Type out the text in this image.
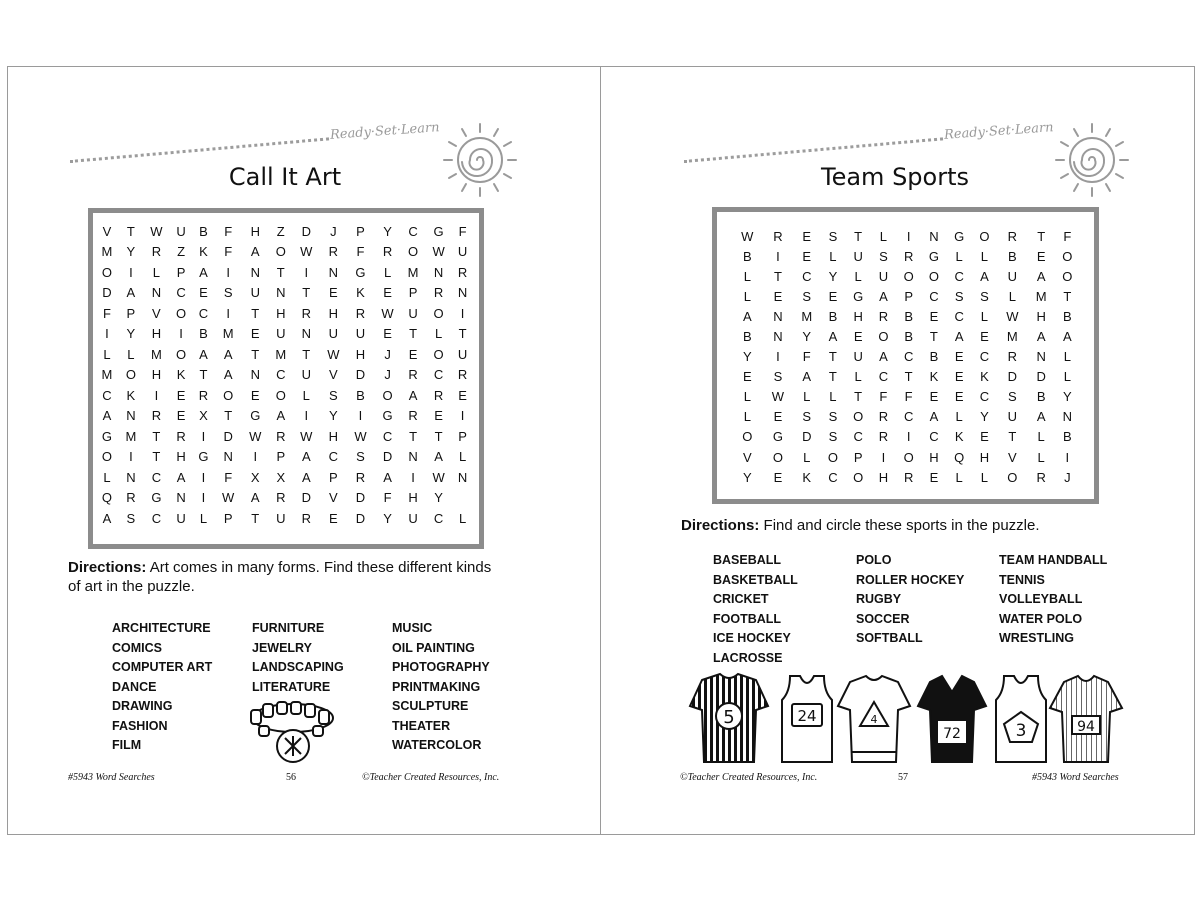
Ready·Set·Learn
Call It Art
V	T	W	U	B	F	H	Z	D	J	P	Y	C	G	F
M	Y	R	Z	K	F	A	O	W	R	F	R	O	W	U
O	I	L	P	A	I	N	T	I	N	G	L	M	N	R
D	A	N	C	E	S	U	N	T	E	K	E	P	R	N
F	P	V	O	C	I	T	H	R	H	R	W	U	O	I
I	Y	H	I	B	M	E	U	N	U	U	E	T	L	T
L	L	M	O	A	A	T	M	T	W	H	J	E	O	U
M	O	H	K	T	A	N	C	U	V	D	J	R	C	R
C	K	I	E	R	O	E	O	L	S	B	O	A	R	E
A	N	R	E	X	T	G	A	I	Y	I	G	R	E	I
G	M	T	R	I	D	W	R	W	H	W	C	T	T	P
O	I	T	H	G	N	I	P	A	C	S	D	N	A	L
L	N	C	A	I	F	X	X	A	P	R	A	I	W	N
Q	R	G	N	I	W	A	R	D	V	D	F	H	Y	
A	S	C	U	L	P	T	U	R	E	D	Y	U	C	L
Directions: Art comes in many forms. Find these different kinds of art in the puzzle.
ARCHITECTURE
COMICS
COMPUTER ART
DANCE
DRAWING
FASHION
FILM
FURNITURE
JEWELRY
LANDSCAPING
LITERATURE
MUSIC
OIL PAINTING
PHOTOGRAPHY
PRINTMAKING
SCULPTURE
THEATER
WATERCOLOR
#5943 Word Searches	56	©Teacher Created Resources, Inc.
Ready·Set·Learn
Team Sports
W	R	E	S	T	L	I	N	G	O	R	T	F
B	I	E	L	U	S	R	G	L	L	B	E	O
L	T	C	Y	L	U	O	O	C	A	U	A	O
L	E	S	E	G	A	P	C	S	S	L	M	T
A	N	M	B	H	R	B	E	C	L	W	H	B
B	N	Y	A	E	O	B	T	A	E	M	A	A
Y	I	F	T	U	A	C	B	E	C	R	N	L
E	S	A	T	L	C	T	K	E	K	D	D	L
L	W	L	L	T	F	F	E	E	C	S	B	Y
L	E	S	S	O	R	C	A	L	Y	U	A	N
O	G	D	S	C	R	I	C	K	E	T	L	B
V	O	L	O	P	I	O	H	Q	H	V	L	I
Y	E	K	C	O	H	R	E	L	L	O	R	J
Directions: Find and circle these sports in the puzzle.
BASEBALL
BASKETBALL
CRICKET
FOOTBALL
ICE HOCKEY
LACROSSE
POLO
ROLLER HOCKEY
RUGBY
SOCCER
SOFTBALL
TEAM HANDBALL
TENNIS
VOLLEYBALL
WATER POLO
WRESTLING
5	24	4
72	3	94
©Teacher Created Resources, Inc.	57	#5943 Word Searches
